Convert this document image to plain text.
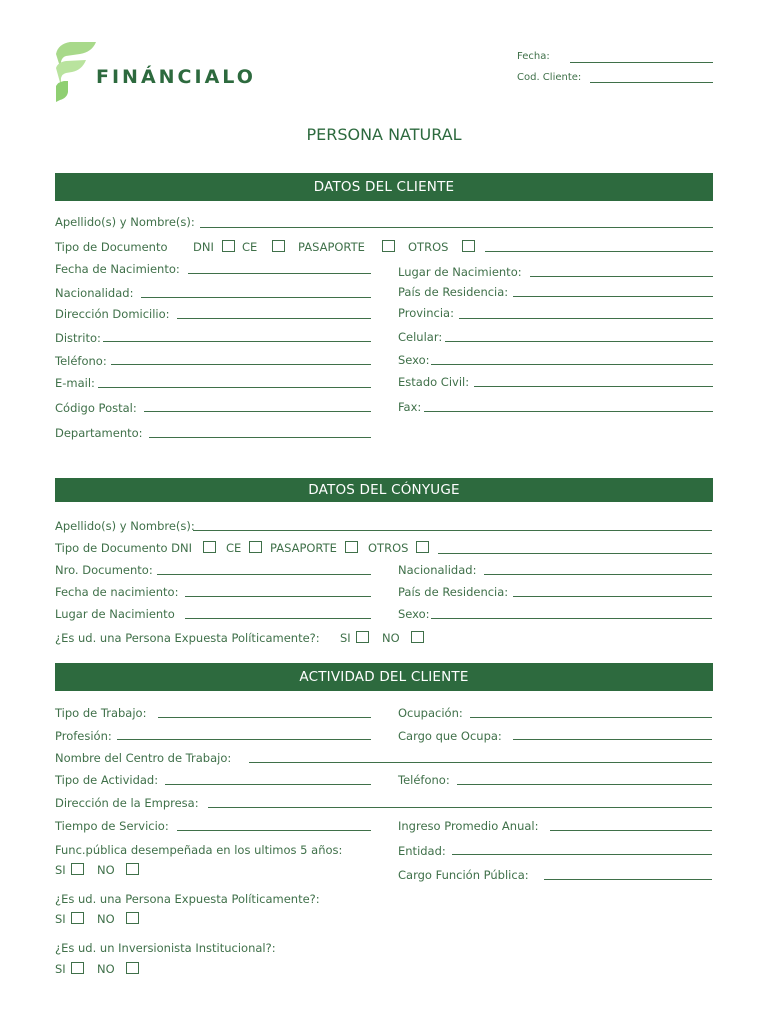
FINÁNCIALO
Fecha:
Cod. Cliente:
PERSONA NATURAL
DATOS DEL CLIENTE
Apellido(s) y Nombre(s):
Tipo de Documento DNI CE	PASAPORTE	OTROS
Fecha de Nacimiento:	Lugar de Nacimiento:
Nacionalidad:	País de Residencia:
Dirección Domicilio:	Provincia:
Distrito:	Celular:
Teléfono:	Sexo:
E-mail:	Estado Civil:
Código Postal:	Fax:
Departamento:
DATOS DEL CÓNYUGE
Apellido(s) y Nombre(s):
Tipo de Documento DNI	CE PASAPORTE	OTROS
Nro. Documento:	Nacionalidad:
Fecha de nacimiento:	País de Residencia:
Lugar de Nacimiento	Sexo:
¿Es ud. una Persona Expuesta Políticamente?: SI	NO
ACTIVIDAD DEL CLIENTE
Tipo de Trabajo:	Ocupación:
Profesión:	Cargo que Ocupa:
Nombre del Centro de Trabajo:
Tipo de Actividad:	Teléfono:
Dirección de la Empresa:
Tiempo de Servicio:	Ingreso Promedio Anual:
Func.pública desempeñada en los ultimos 5 años:	Entidad:
SI	NO	Cargo Función Pública:
¿Es ud. una Persona Expuesta Políticamente?:
SI	NO
¿Es ud. un Inversionista Institucional?:
SI	NO
